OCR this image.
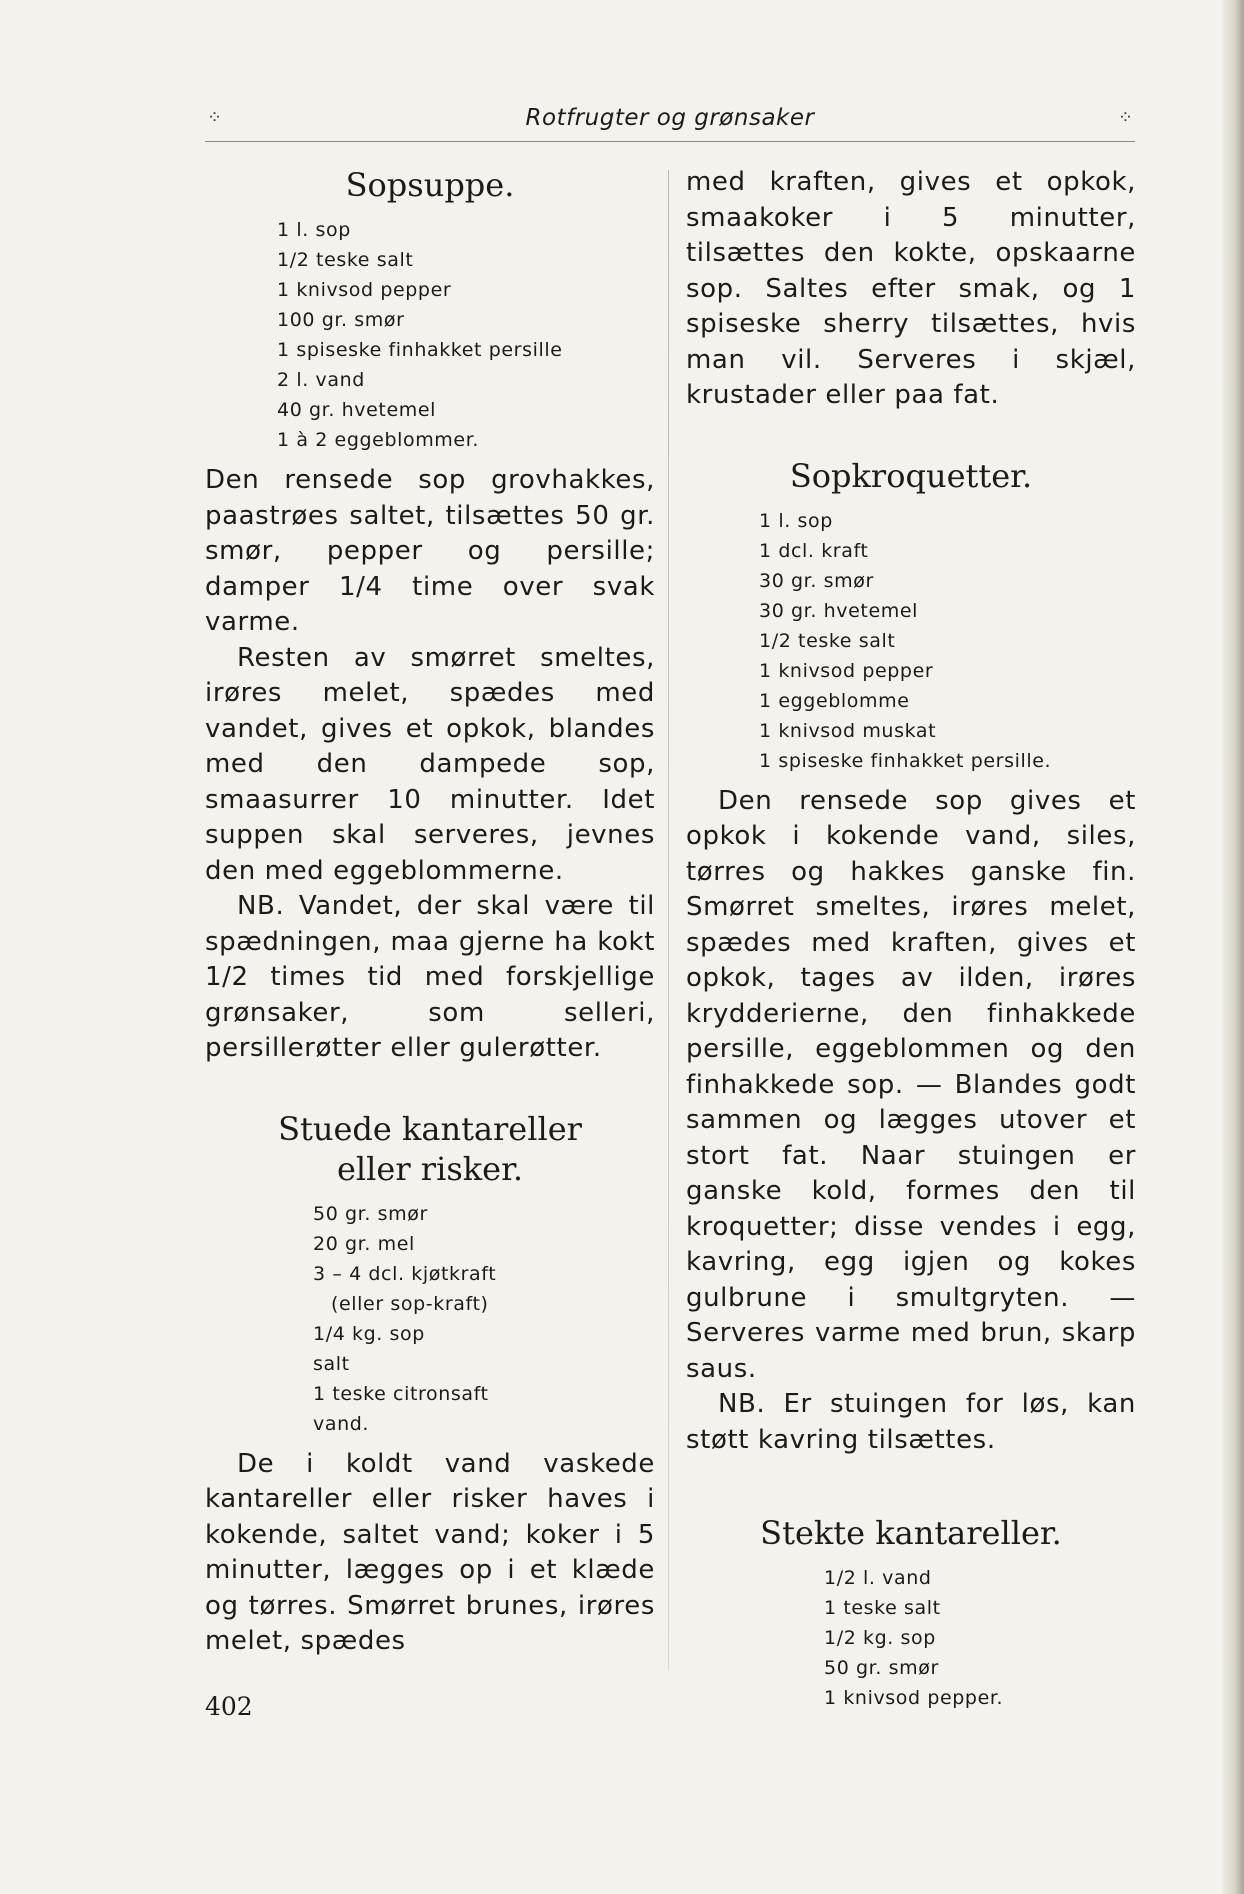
⁘	Rotfrugter og grønsaker	⁘
Sopsuppe.
1 l. sop
1/2 teske salt
1 knivsod pepper
100 gr. smør
1 spiseske finhakket persille
2 l. vand
40 gr. hvetemel
1 à 2 eggeblommer.

Den rensede sop grovhakkes, paastrøes saltet, tilsættes 50 gr. smør, pepper og persille; damper 1/4 time over svak varme.

Resten av smørret smeltes, irøres melet, spædes med vandet, gives et opkok, blandes med den dampede sop, smaasurrer 10 minutter. Idet suppen skal serveres, jevnes den med eggeblommerne.

NB. Vandet, der skal være til spædningen, maa gjerne ha kokt 1/2 times tid med forskjellige grønsaker, som selleri, persillerøtter eller gulerøtter.

Stuede kantareller eller risker.
50 gr. smør
20 gr. mel
3 – 4 dcl. kjøtkraft
(eller sop-kraft)
1/4 kg. sop
salt
1 teske citronsaft
vand.

De i koldt vand vaskede kantareller eller risker haves i kokende, saltet vand; koker i 5 minutter, lægges op i et klæde og tørres. Smørret brunes, irøres melet, spædes

med kraften, gives et opkok, smaakoker i 5 minutter, tilsættes den kokte, opskaarne sop. Saltes efter smak, og 1 spiseske sherry tilsættes, hvis man vil. Serveres i skjæl, krustader eller paa fat.

Sopkroquetter.
1 l. sop
1 dcl. kraft
30 gr. smør
30 gr. hvetemel
1/2 teske salt
1 knivsod pepper
1 eggeblomme
1 knivsod muskat
1 spiseske finhakket persille.

Den rensede sop gives et opkok i kokende vand, siles, tørres og hakkes ganske fin. Smørret smeltes, irøres melet, spædes med kraften, gives et opkok, tages av ilden, irøres krydderierne, den finhakkede persille, eggeblommen og den finhakkede sop. — Blandes godt sammen og lægges utover et stort fat. Naar stuingen er ganske kold, formes den til kroquetter; disse vendes i egg, kavring, egg igjen og kokes gulbrune i smultgryten. — Serveres varme med brun, skarp saus.

NB. Er stuingen for løs, kan støtt kavring tilsættes.

Stekte kantareller.
1/2 l. vand
1 teske salt
1/2 kg. sop
50 gr. smør
1 knivsod pepper.
402
